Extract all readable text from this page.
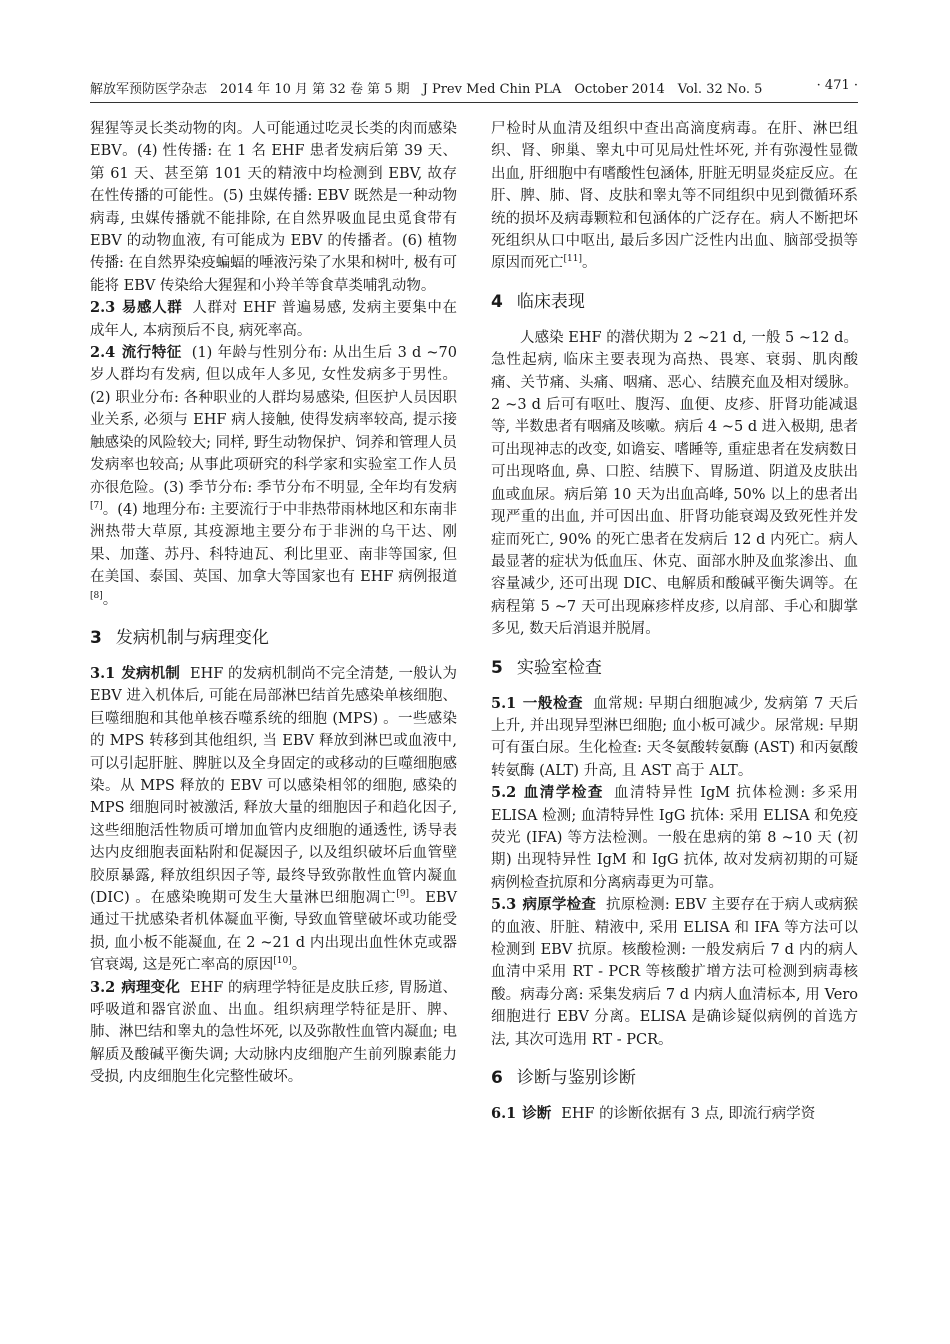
解放军预防医学杂志　2014 年 10 月 第 32 卷 第 5 期　J Prev Med Chin PLA　October 2014　Vol. 32 No. 5	· 471 ·

猩猩等灵长类动物的肉。人可能通过吃灵长类的肉而感染 EBV。(4) 性传播: 在 1 名 EHF 患者发病后第 39 天、第 61 天、甚至第 101 天的精液中均检测到 EBV, 故存在性传播的可能性。(5) 虫媒传播: EBV 既然是一种动物病毒, 虫媒传播就不能排除, 在自然界吸血昆虫觅食带有 EBV 的动物血液, 有可能成为 EBV 的传播者。(6) 植物传播: 在自然界染疫蝙蝠的唾液污染了水果和树叶, 极有可能将 EBV 传染给大猩猩和小羚羊等食草类哺乳动物。

2.3 易感人群 人群对 EHF 普遍易感, 发病主要集中在成年人, 本病预后不良, 病死率高。

2.4 流行特征 (1) 年龄与性别分布: 从出生后 3 d ~70 岁人群均有发病, 但以成年人多见, 女性发病多于男性。(2) 职业分布: 各种职业的人群均易感染, 但医护人员因职业关系, 必须与 EHF 病人接触, 使得发病率较高, 提示接触感染的风险较大; 同样, 野生动物保护、饲养和管理人员发病率也较高; 从事此项研究的科学家和实验室工作人员亦很危险。(3) 季节分布: 季节分布不明显, 全年均有发病[7]。(4) 地理分布: 主要流行于中非热带雨林地区和东南非洲热带大草原, 其疫源地主要分布于非洲的乌干达、刚果、加蓬、苏丹、科特迪瓦、利比里亚、南非等国家, 但在美国、泰国、英国、加拿大等国家也有 EHF 病例报道[8]。

3 发病机制与病理变化

3.1 发病机制 EHF 的发病机制尚不完全清楚, 一般认为 EBV 进入机体后, 可能在局部淋巴结首先感染单核细胞、巨噬细胞和其他单核吞噬系统的细胞 (MPS) 。一些感染的 MPS 转移到其他组织, 当 EBV 释放到淋巴或血液中, 可以引起肝脏、脾脏以及全身固定的或移动的巨噬细胞感染。从 MPS 释放的 EBV 可以感染相邻的细胞, 感染的 MPS 细胞同时被激活, 释放大量的细胞因子和趋化因子, 这些细胞活性物质可增加血管内皮细胞的通透性, 诱导表达内皮细胞表面粘附和促凝因子, 以及组织破坏后血管壁胶原暴露, 释放组织因子等, 最终导致弥散性血管内凝血 (DIC) 。在感染晚期可发生大量淋巴细胞凋亡[9]。EBV 通过干扰感染者机体凝血平衡, 导致血管壁破坏或功能受损, 血小板不能凝血, 在 2 ~21 d 内出现出血性休克或器官衰竭, 这是死亡率高的原因[10]。

3.2 病理变化 EHF 的病理学特征是皮肤丘疹, 胃肠道、呼吸道和器官淤血、出血。组织病理学特征是肝、脾、肺、淋巴结和睾丸的急性坏死, 以及弥散性血管内凝血; 电解质及酸碱平衡失调; 大动脉内皮细胞产生前列腺素能力受损, 内皮细胞生化完整性破坏。

尸检时从血清及组织中查出高滴度病毒。在肝、淋巴组织、肾、卵巢、睾丸中可见局灶性坏死, 并有弥漫性显微出血, 肝细胞中有嗜酸性包涵体, 肝脏无明显炎症反应。在肝、脾、肺、肾、皮肤和睾丸等不同组织中见到微循环系统的损坏及病毒颗粒和包涵体的广泛存在。病人不断把坏死组织从口中呕出, 最后多因广泛性内出血、脑部受损等原因而死亡[11]。

4 临床表现

人感染 EHF 的潜伏期为 2 ~21 d, 一般 5 ~12 d。急性起病, 临床主要表现为高热、畏寒、衰弱、肌肉酸痛、关节痛、头痛、咽痛、恶心、结膜充血及相对缓脉。2 ~3 d 后可有呕吐、腹泻、血便、皮疹、肝肾功能减退等, 半数患者有咽痛及咳嗽。病后 4 ~5 d 进入极期, 患者可出现神志的改变, 如谵妄、嗜睡等, 重症患者在发病数日可出现咯血, 鼻、口腔、结膜下、胃肠道、阴道及皮肤出血或血尿。病后第 10 天为出血高峰, 50% 以上的患者出现严重的出血, 并可因出血、肝肾功能衰竭及致死性并发症而死亡, 90% 的死亡患者在发病后 12 d 内死亡。病人最显著的症状为低血压、休克、面部水肿及血浆渗出、血容量减少, 还可出现 DIC、电解质和酸碱平衡失调等。在病程第 5 ~7 天可出现麻疹样皮疹, 以肩部、手心和脚掌多见, 数天后消退并脱屑。

5 实验室检查

5.1 一般检查 血常规: 早期白细胞减少, 发病第 7 天后上升, 并出现异型淋巴细胞; 血小板可减少。尿常规: 早期可有蛋白尿。生化检查: 天冬氨酸转氨酶 (AST) 和丙氨酸转氨酶 (ALT) 升高, 且 AST 高于 ALT。

5.2 血清学检查 血清特异性 IgM 抗体检测: 多采用 ELISA 检测; 血清特异性 IgG 抗体: 采用 ELISA 和免疫荧光 (IFA) 等方法检测。一般在患病的第 8 ~10 天 (初期) 出现特异性 IgM 和 IgG 抗体, 故对发病初期的可疑病例检查抗原和分离病毒更为可靠。

5.3 病原学检查 抗原检测: EBV 主要存在于病人或病猴的血液、肝脏、精液中, 采用 ELISA 和 IFA 等方法可以检测到 EBV 抗原。核酸检测: 一般发病后 7 d 内的病人血清中采用 RT - PCR 等核酸扩增方法可检测到病毒核酸。病毒分离: 采集发病后 7 d 内病人血清标本, 用 Vero 细胞进行 EBV 分离。ELISA 是确诊疑似病例的首选方法, 其次可选用 RT - PCR。

6 诊断与鉴别诊断

6.1 诊断 EHF 的诊断依据有 3 点, 即流行病学资
